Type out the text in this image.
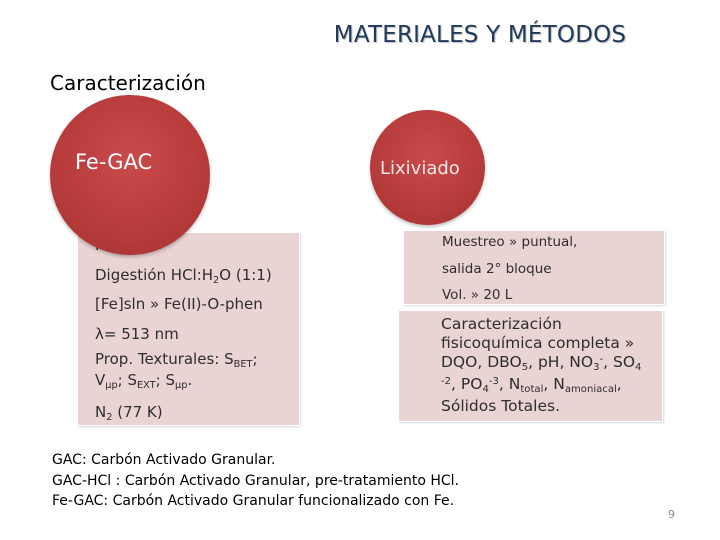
MATERIALES Y MÉTODOS
Caracterización
Digestión $HCl:H_2O$ (1:1)
[Fe]sln » Fe(II)-O-phen
λ= 513 nm
Prop. Texturales: $S_{BET}$;
$V_{\mu p}$; $S_{EXT}$; $S_{\mu p}$.
$N_2$ (77 K)
Muestreo » puntual,
salida 2° bloque
Vol. » 20 L
Caracterización
fisicoquímica completa »
DQO, $DBO_5$, pH, $NO_3^-$, $SO_4$
$^{-2}$, $PO_4^{-3}$, $N_{total}$, $N_{amoniacal}$,
Sólidos Totales.
Fe-GAC	Lixiviado
GAC: Carbón Activado Granular.
GAC-HCl : Carbón Activado Granular, pre-tratamiento HCl.
Fe-GAC: Carbón Activado Granular funcionalizado con Fe.
9
